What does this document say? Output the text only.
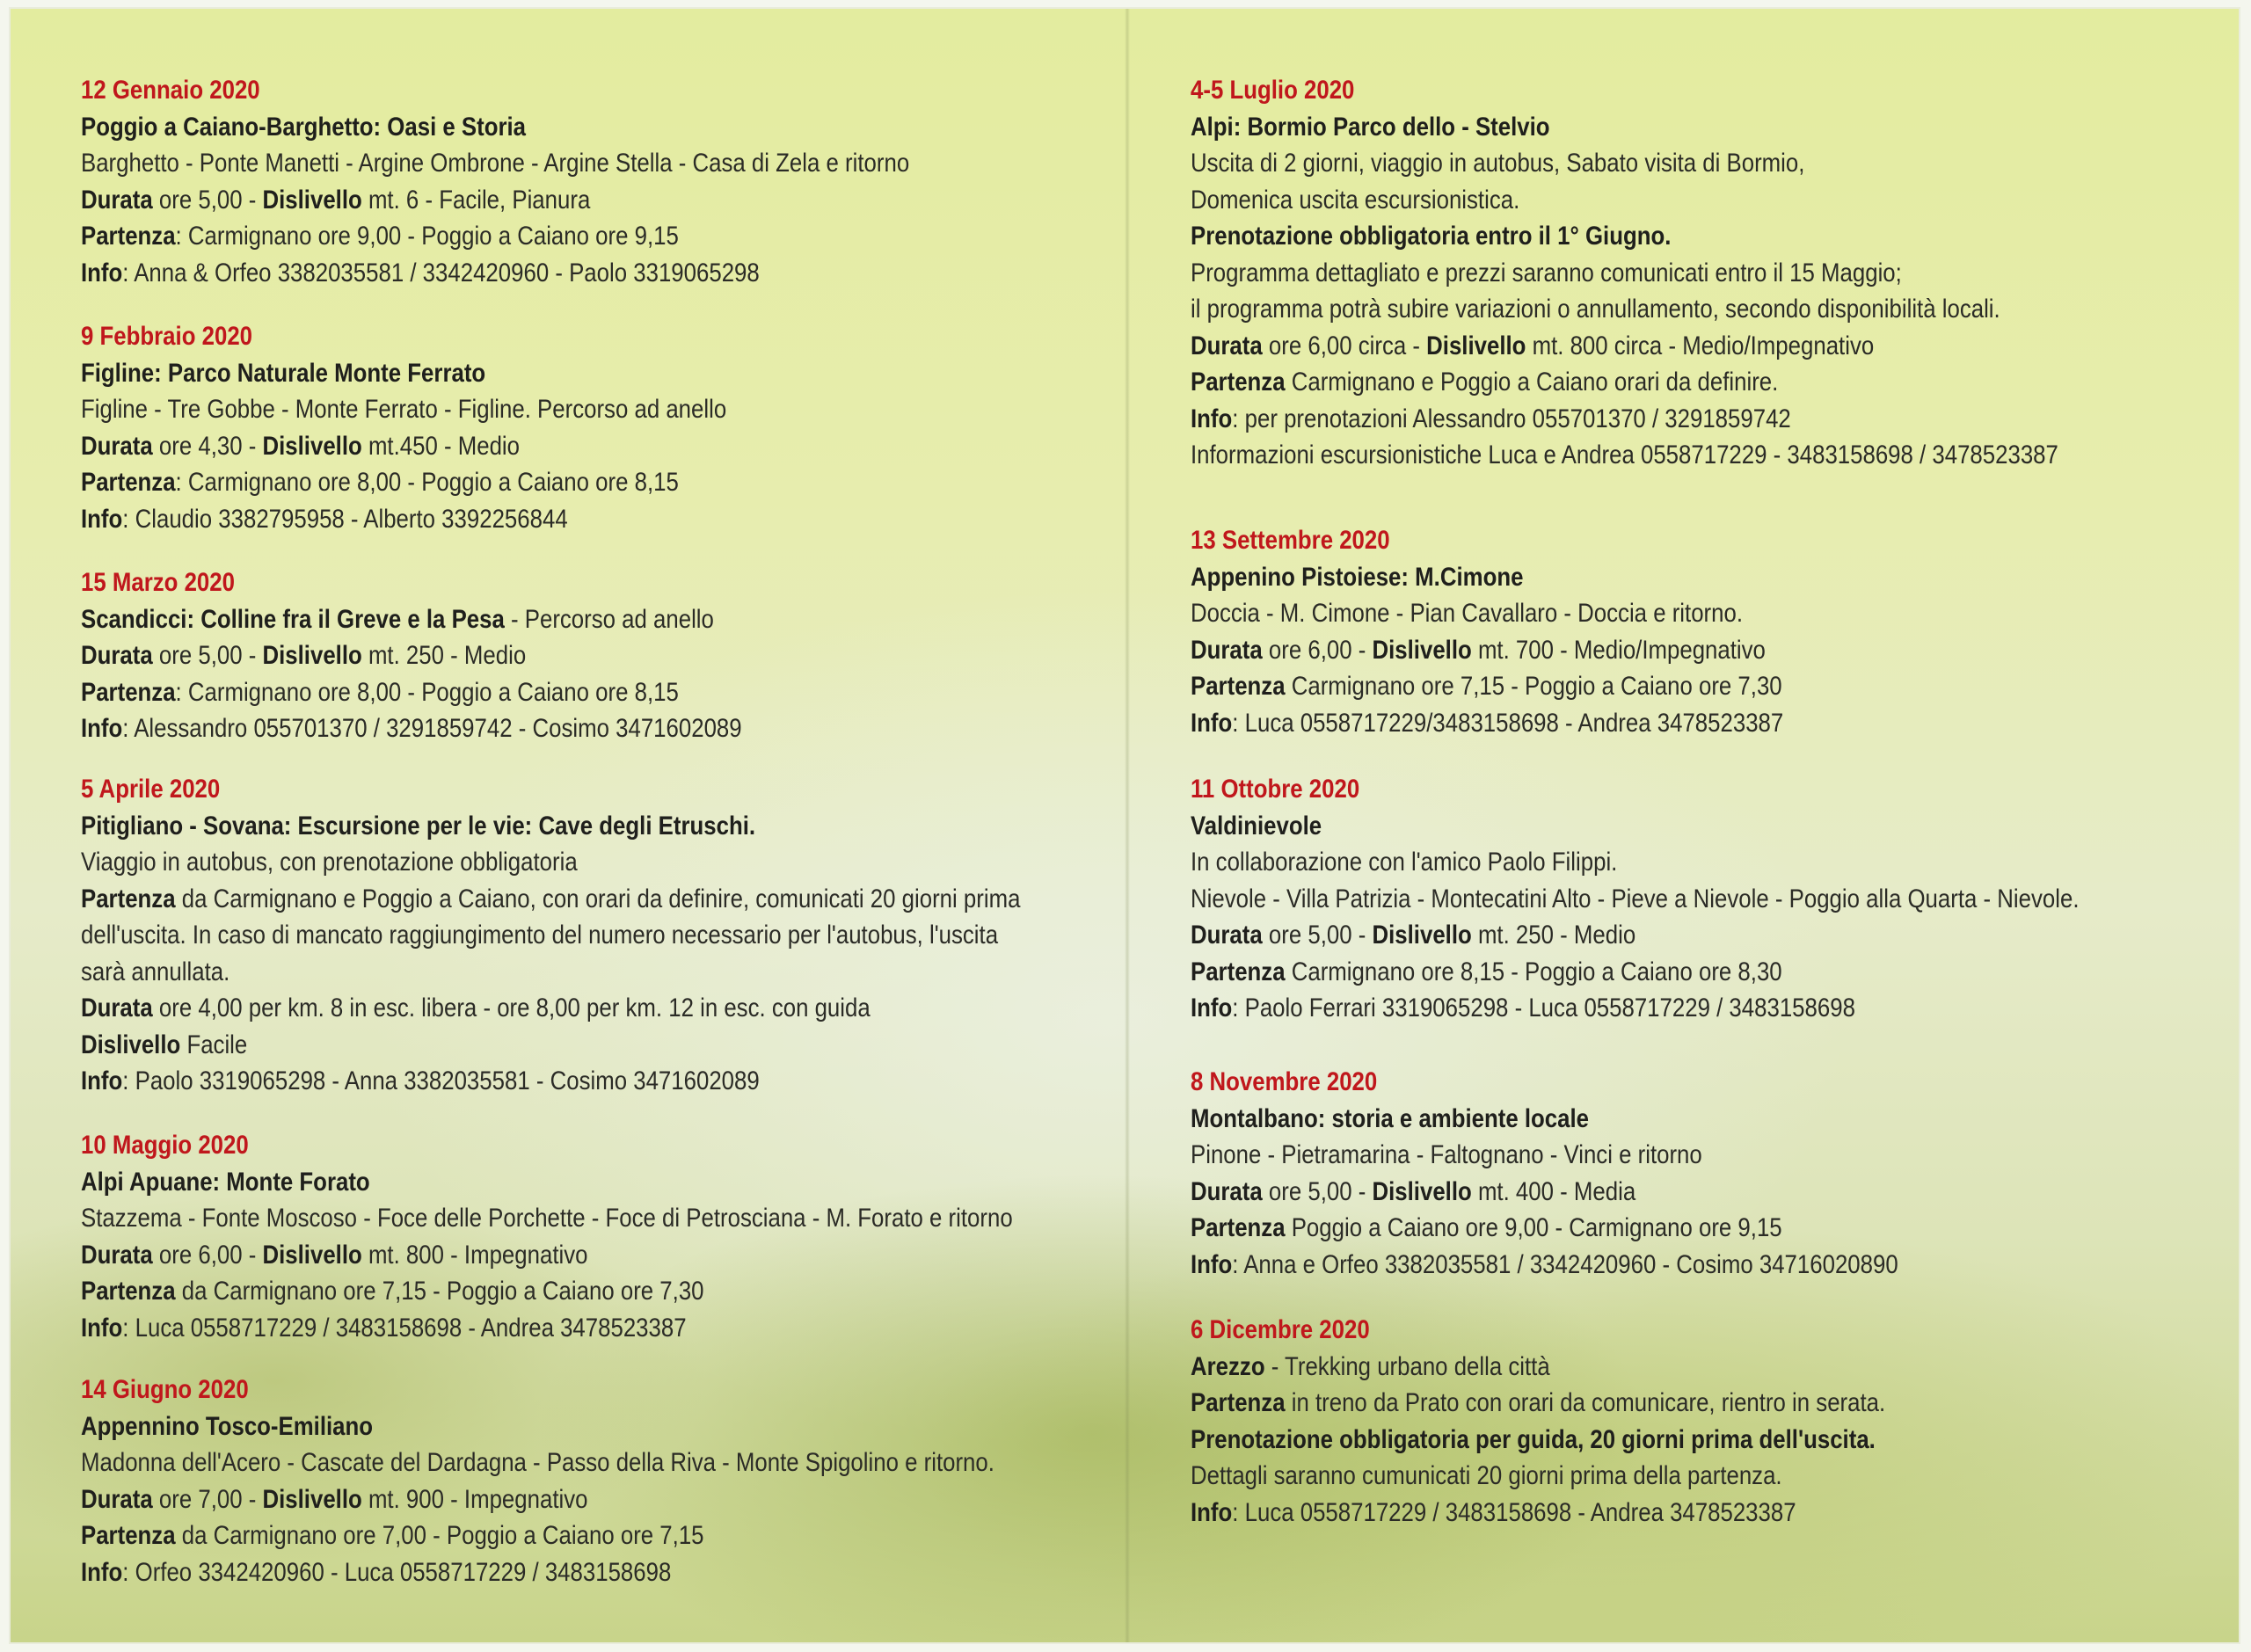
12 Gennaio 2020

Poggio a Caiano-Barghetto: Oasi e Storia

Barghetto - Ponte Manetti - Argine Ombrone - Argine Stella - Casa di Zela e ritorno

Durata ore 5,00 - Dislivello mt. 6 - Facile, Pianura

Partenza: Carmignano ore 9,00 - Poggio a Caiano ore 9,15

Info: Anna & Orfeo 3382035581 / 3342420960 - Paolo 3319065298

9 Febbraio 2020

Figline: Parco Naturale Monte Ferrato

Figline - Tre Gobbe - Monte Ferrato - Figline. Percorso ad anello

Durata ore 4,30 - Dislivello mt.450 - Medio

Partenza: Carmignano ore 8,00 - Poggio a Caiano ore 8,15

Info: Claudio 3382795958 - Alberto 3392256844

15 Marzo 2020

Scandicci: Colline fra il Greve e la Pesa - Percorso ad anello

Durata ore 5,00 - Dislivello mt. 250 - Medio

Partenza: Carmignano ore 8,00 - Poggio a Caiano ore 8,15

Info: Alessandro 055701370 / 3291859742 - Cosimo 3471602089

5 Aprile 2020

Pitigliano - Sovana: Escursione per le vie: Cave degli Etruschi.

Viaggio in autobus, con prenotazione obbligatoria

Partenza da Carmignano e Poggio a Caiano, con orari da definire, comunicati 20 giorni prima

dell'uscita. In caso di mancato raggiungimento del numero necessario per l'autobus, l'uscita

sarà annullata.

Durata ore 4,00 per km. 8 in esc. libera - ore 8,00 per km. 12 in esc. con guida

Dislivello Facile

Info: Paolo 3319065298 - Anna 3382035581 - Cosimo 3471602089

10 Maggio 2020

Alpi Apuane: Monte Forato

Stazzema - Fonte Moscoso - Foce delle Porchette - Foce di Petrosciana - M. Forato e ritorno

Durata ore 6,00 - Dislivello mt. 800 - Impegnativo

Partenza da Carmignano ore 7,15 - Poggio a Caiano ore 7,30

Info: Luca 0558717229 / 3483158698 - Andrea 3478523387

14 Giugno 2020

Appennino Tosco-Emiliano

Madonna dell'Acero - Cascate del Dardagna - Passo della Riva - Monte Spigolino e ritorno.

Durata ore 7,00 - Dislivello mt. 900 - Impegnativo

Partenza da Carmignano ore 7,00 - Poggio a Caiano ore 7,15

Info: Orfeo 3342420960 - Luca 0558717229 / 3483158698

4-5 Luglio 2020

Alpi: Bormio Parco dello - Stelvio

Uscita di 2 giorni, viaggio in autobus, Sabato visita di Bormio,

Domenica uscita escursionistica.

Prenotazione obbligatoria entro il 1° Giugno.

Programma dettagliato e prezzi saranno comunicati entro il 15 Maggio;

il programma potrà subire variazioni o annullamento, secondo disponibilità locali.

Durata ore 6,00 circa - Dislivello mt. 800 circa - Medio/Impegnativo

Partenza Carmignano e Poggio a Caiano orari da definire.

Info: per prenotazioni Alessandro 055701370 / 3291859742

Informazioni escursionistiche Luca e Andrea 0558717229 - 3483158698 / 3478523387

13 Settembre 2020

Appenino Pistoiese: M.Cimone

Doccia - M. Cimone - Pian Cavallaro - Doccia e ritorno.

Durata ore 6,00 - Dislivello mt. 700 - Medio/Impegnativo

Partenza Carmignano ore 7,15 - Poggio a Caiano ore 7,30

Info: Luca 0558717229/3483158698 - Andrea 3478523387

11 Ottobre 2020

Valdinievole

In collaborazione con l'amico Paolo Filippi.

Nievole - Villa Patrizia - Montecatini Alto - Pieve a Nievole - Poggio alla Quarta - Nievole.

Durata ore 5,00 - Dislivello mt. 250 - Medio

Partenza Carmignano ore 8,15 - Poggio a Caiano ore 8,30

Info: Paolo Ferrari 3319065298 - Luca 0558717229 / 3483158698

8 Novembre 2020

Montalbano: storia e ambiente locale

Pinone - Pietramarina - Faltognano - Vinci e ritorno

Durata ore 5,00 - Dislivello mt. 400 - Media

Partenza Poggio a Caiano ore 9,00 - Carmignano ore 9,15

Info: Anna e Orfeo 3382035581 / 3342420960 - Cosimo 34716020890

6 Dicembre 2020

Arezzo - Trekking urbano della città

Partenza in treno da Prato con orari da comunicare, rientro in serata.

Prenotazione obbligatoria per guida, 20 giorni prima dell'uscita.

Dettagli saranno cumunicati 20 giorni prima della partenza.

Info: Luca 0558717229 / 3483158698 - Andrea 3478523387
